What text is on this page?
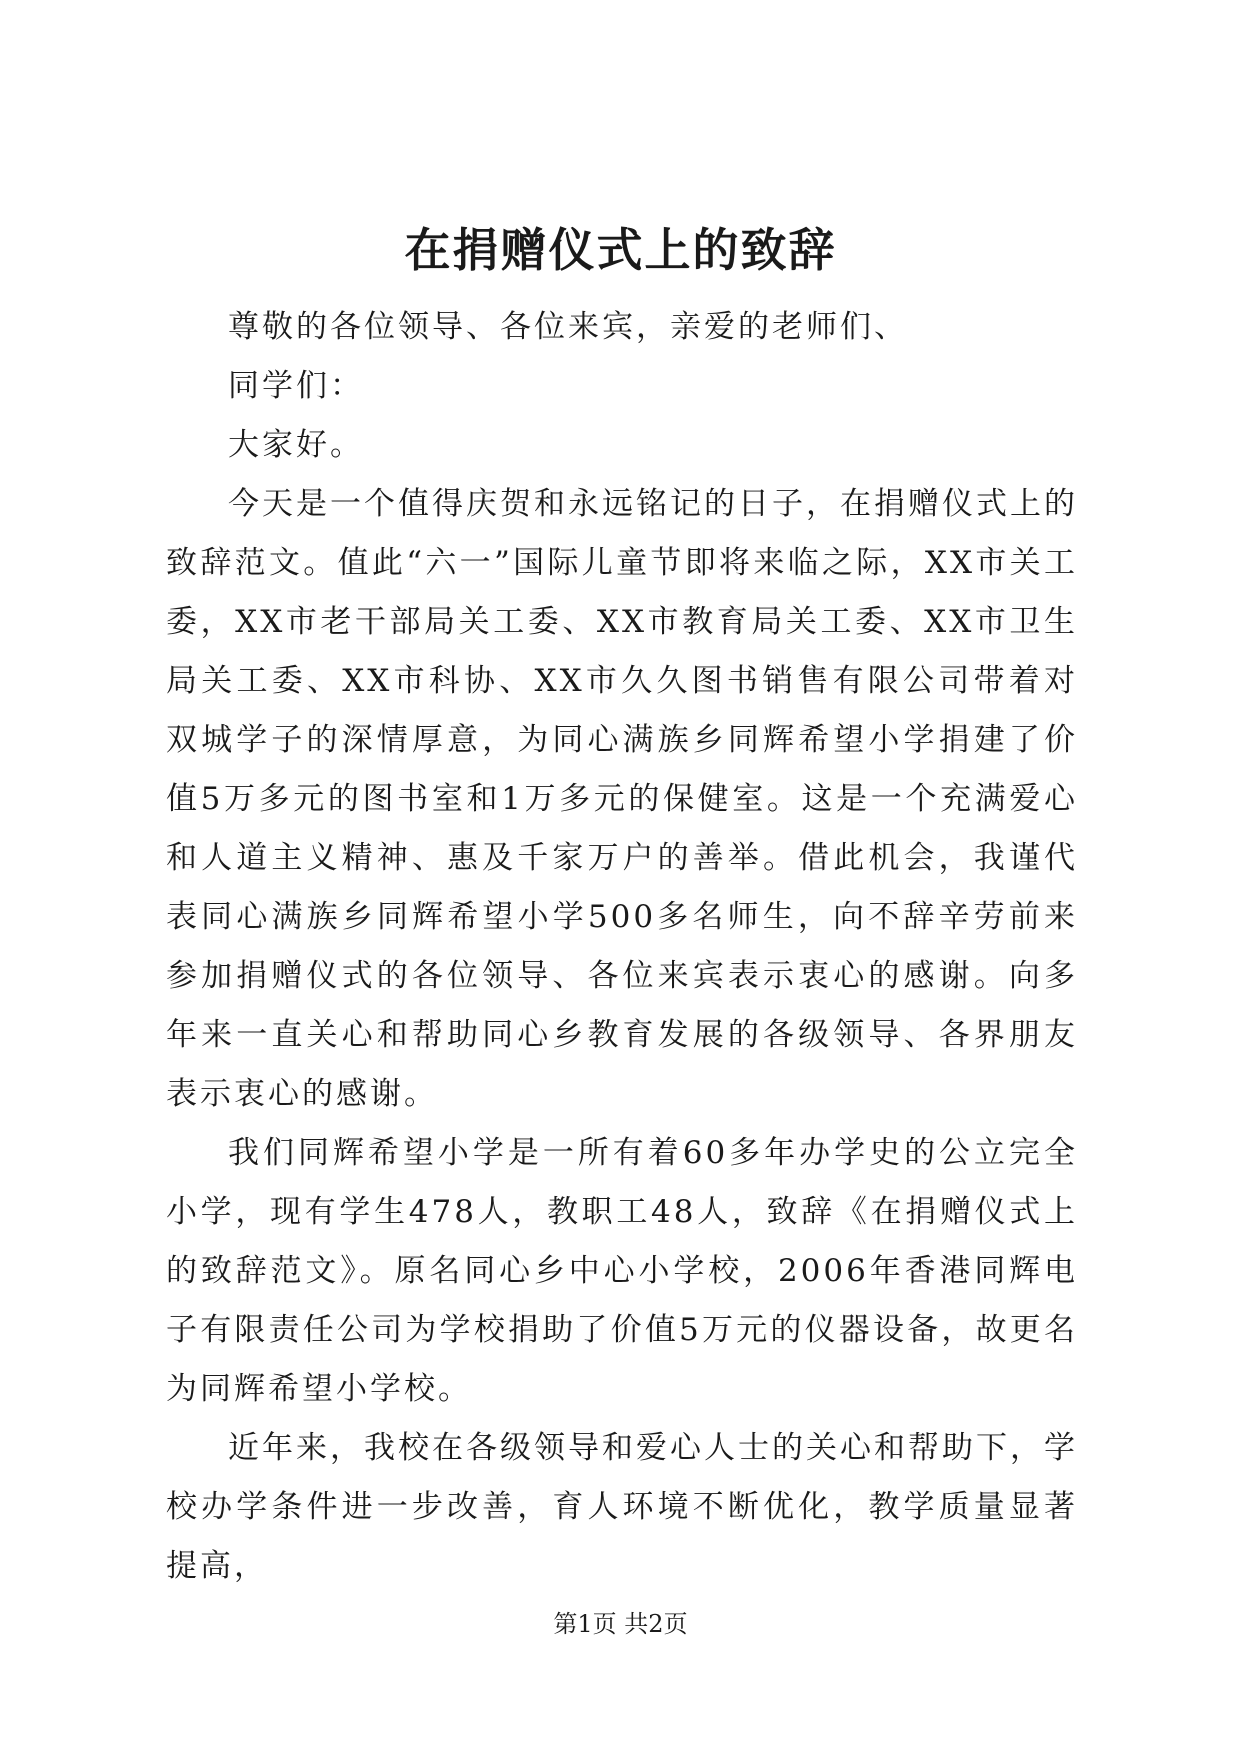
在捐赠仪式上的致辞

尊敬的各位领导、各位来宾，亲爱的老师们、

同学们：

大家好。

今天是一个值得庆贺和永远铭记的日子，在捐赠仪式上的致辞范文。值此“六一”国际儿童节即将来临之际，XX市关工委，XX市老干部局关工委、XX市教育局关工委、XX市卫生局关工委、XX市科协、XX市久久图书销售有限公司带着对双城学子的深情厚意，为同心满族乡同辉希望小学捐建了价值5万多元的图书室和1万多元的保健室。这是一个充满爱心和人道主义精神、惠及千家万户的善举。借此机会，我谨代表同心满族乡同辉希望小学500多名师生，向不辞辛劳前来参加捐赠仪式的各位领导、各位来宾表示衷心的感谢。向多年来一直关心和帮助同心乡教育发展的各级领导、各界朋友表示衷心的感谢。

我们同辉希望小学是一所有着60多年办学史的公立完全小学，现有学生478人，教职工48人，致辞《在捐赠仪式上的致辞范文》。原名同心乡中心小学校，2006年香港同辉电子有限责任公司为学校捐助了价值5万元的仪器设备，故更名为同辉希望小学校。

近年来，我校在各级领导和爱心人士的关心和帮助下，学校办学条件进一步改善，育人环境不断优化，教学质量显著提高，

第1页 共2页
